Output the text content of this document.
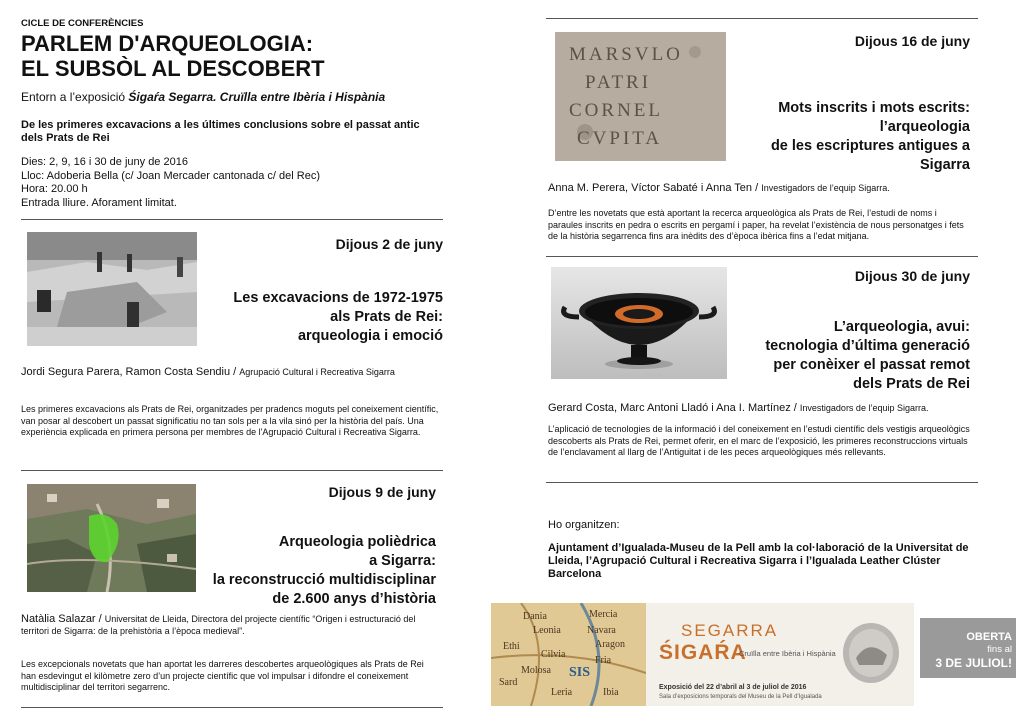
CICLE DE CONFERÈNCIES
PARLEM D'ARQUEOLOGIA:
EL SUBSÒL AL DESCOBERT
Entorn a l’exposició Śigaŕa Segarra. Cruïlla entre Ibèria i Hispània
De les primeres excavacions a les últimes conclusions sobre el passat antic dels Prats de Rei
Dies: 2, 9, 16 i 30 de juny de 2016
Lloc: Adoberia Bella (c/ Joan Mercader cantonada c/ del Rec)
Hora: 20.00 h
Entrada lliure. Aforament limitat.
Dijous 2 de juny
Les excavacions de 1972-1975
als Prats de Rei:
arqueologia i emoció
Jordi Segura Parera, Ramon Costa Sendiu / Agrupació Cultural i Recreativa Sigarra
Les primeres excavacions als Prats de Rei, organitzades per pradencs moguts pel coneixement científic, van posar al descobert un passat significatiu no tan sols per a la vila sinó per la història del país. Una experiència explicada en primera persona per membres de l'Agrupació Cultural i Recreativa Sigarra.
Dijous 9 de juny
Arqueologia polièdrica
a Sigarra:
la reconstrucció multidisciplinar
de 2.600 anys d’història
Natàlia Salazar / Universitat de Lleida, Directora del projecte científic “Origen i estructuració del territori de Sigarra: de la prehistòria a l’època medieval”.
Les excepcionals novetats que han aportat les darreres descobertes arqueològiques als Prats de Rei han esdevingut el kilòmetre zero d’un projecte científic que vol impulsar i difondre el coneixement multidisciplinar del territori segarrenc.
MARSVLO
PATRI
CORNEL
CVPITA
Dijous 16 de juny
Mots inscrits i mots escrits:
l’arqueologia
de les escriptures antigues a
Sigarra
Anna M. Perera, Víctor Sabaté i Anna Ten / Investigadors de l’equip Sigarra.
D’entre les novetats que està aportant la recerca arqueològica als Prats de Rei, l’estudi de noms i paraules inscrits en pedra o escrits en pergamí i paper, ha revelat l’existència de nous personatges i fets de la història segarrenca fins ara inèdits des d’època ibèrica fins a l’edat mitjana.
Dijous 30 de juny
L’arqueologia, avui:
tecnologia d’última generació
per conèixer el passat remot
dels Prats de Rei
Gerard Costa, Marc Antoni Lladó i Ana I. Martínez / Investigadors de l’equip Sigarra.
L’aplicació de tecnologies de la informació i del coneixement en l’estudi científic dels vestigis arqueològics descoberts als Prats de Rei, permet oferir, en el marc de l’exposició, les primeres reconstruccions virtuals de l’enclavament al llarg de l’Antiguitat i de les peces arqueològiques més rellevants.
Ho organitzen:
Ajuntament d’Igualada-Museu de la Pell amb la col·laboració de la Universitat de Lleida, l’Agrupació Cultural i Recreativa Sigarra i l’Igualada Leather Clúster Barcelona
Dania	Mercia
Leonia	Navara
Aragon
Ethi
Cilvia
Molosa
Fria
Sard
Leria	Ibia
SIS
SEGARRA
ŚIGAŔA
Cruïlla entre Ibèria i Hispània
Exposició del 22 d’abril al 3 de juliol de 2016
Sala d’exposicions temporals del Museu de la Pell d’Igualada
OBERTA
fins al
3 DE JULIOL!
